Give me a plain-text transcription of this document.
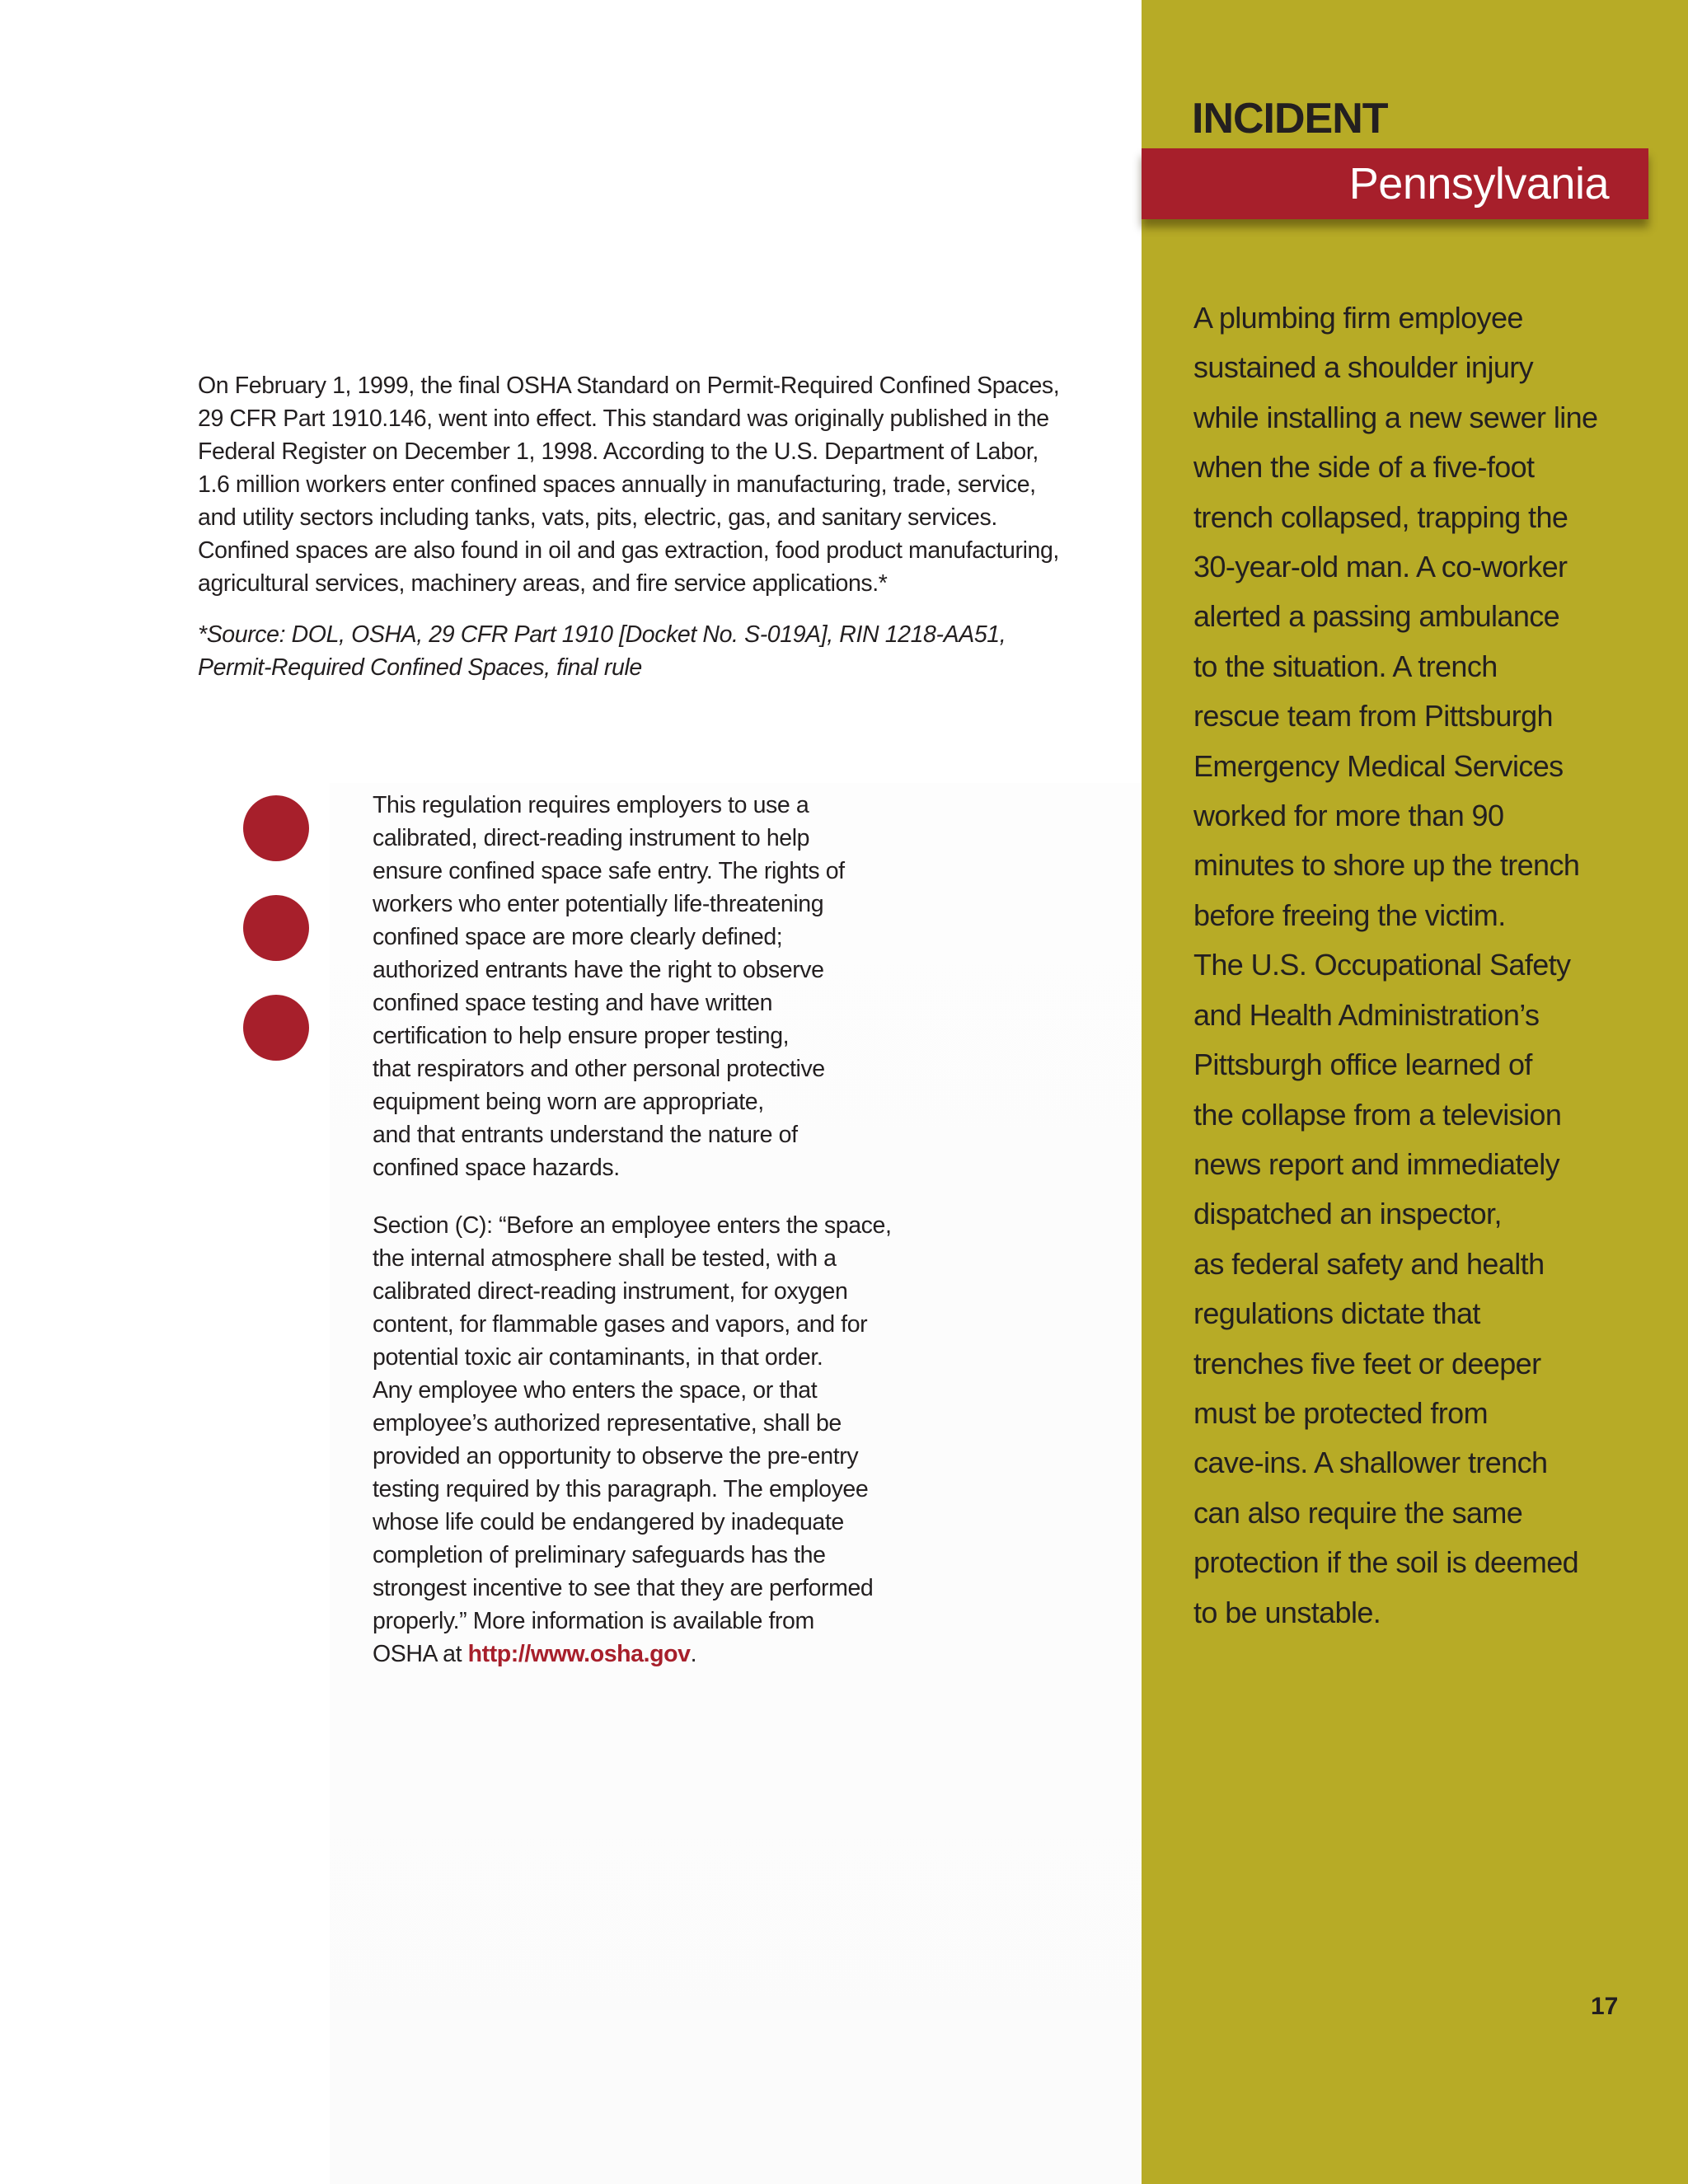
On February 1, 1999, the final OSHA Standard on Permit-Required Confined Spaces,
29 CFR Part 1910.146, went into effect. This standard was originally published in the
Federal Register on December 1, 1998. According to the U.S. Department of Labor,
1.6 million workers enter confined spaces annually in manufacturing, trade, service,
and utility sectors including tanks, vats, pits, electric, gas, and sanitary services.
Confined spaces are also found in oil and gas extraction, food product manufacturing,
agricultural services, machinery areas, and fire service applications.*

*Source: DOL, OSHA, 29 CFR Part 1910 [Docket No. S-019A], RIN 1218-AA51,
Permit-Required Confined Spaces, final rule

This regulation requires employers to use a
calibrated, direct-reading instrument to help
ensure confined space safe entry. The rights of
workers who enter potentially life-threatening
confined space are more clearly defined;
authorized entrants have the right to observe
confined space testing and have written
certification to help ensure proper testing,
that respirators and other personal protective
equipment being worn are appropriate,
and that entrants understand the nature of
confined space hazards.

Section (C): “Before an employee enters the space,
the internal atmosphere shall be tested, with a
calibrated direct-reading instrument, for oxygen
content, for flammable gases and vapors, and for
potential toxic air contaminants, in that order.
Any employee who enters the space, or that
employee’s authorized representative, shall be
provided an opportunity to observe the pre-entry
testing required by this paragraph. The employee
whose life could be endangered by inadequate
completion of preliminary safeguards has the
strongest incentive to see that they are performed
properly.” More information is available from
OSHA at http://www.osha.gov.

INCIDENT
Pennsylvania
A plumbing firm employee
sustained a shoulder injury
while installing a new sewer line
when the side of a five-foot
trench collapsed, trapping the
30-year-old man. A co-worker
alerted a passing ambulance
to the situation. A trench
rescue team from Pittsburgh
Emergency Medical Services
worked for more than 90
minutes to shore up the trench
before freeing the victim.
The U.S. Occupational Safety
and Health Administration’s
Pittsburgh office learned of
the collapse from a television
news report and immediately
dispatched an inspector,
as federal safety and health
regulations dictate that
trenches five feet or deeper
must be protected from
cave-ins. A shallower trench
can also require the same
protection if the soil is deemed
to be unstable.
17
